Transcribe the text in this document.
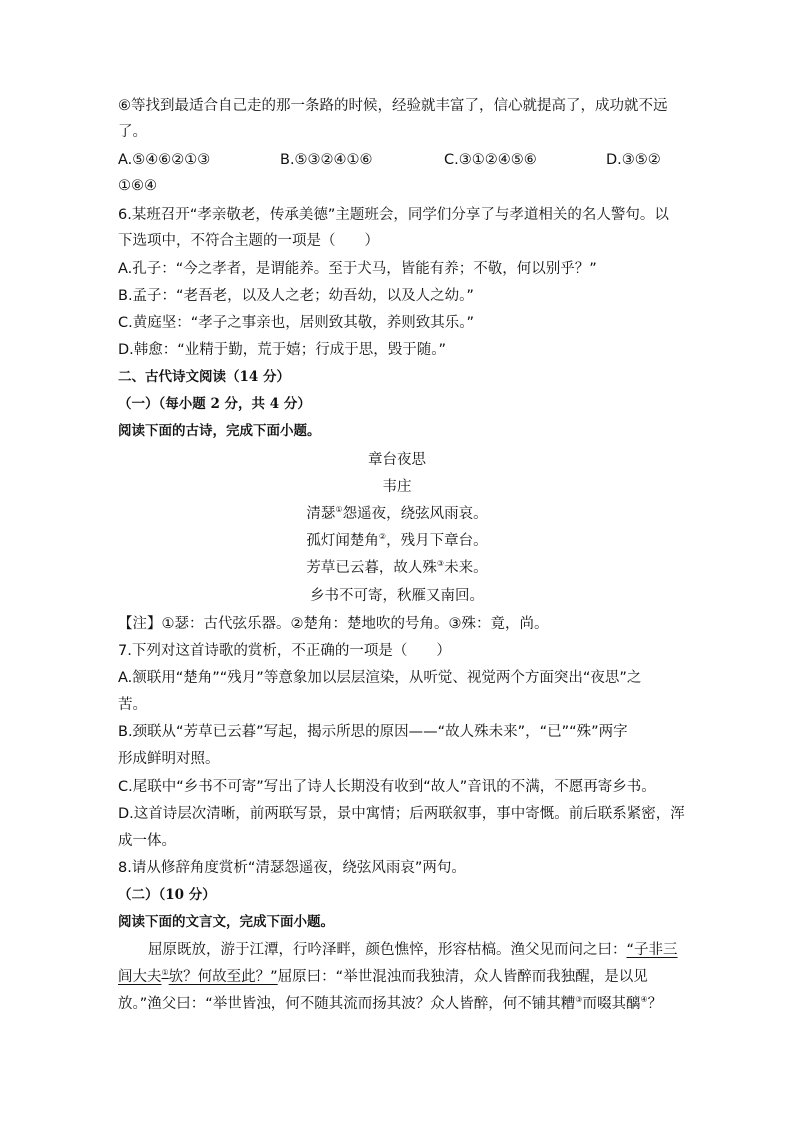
⑥等找到最适合自己走的那一条路的时候，经验就丰富了，信心就提高了，成功就不远
了。
A.⑤④⑥②①③	B.⑤③②④①⑥	C.③①②④⑤⑥	D.③⑤②
①⑥④
6.某班召开“孝亲敬老，传承美德”主题班会，同学们分享了与孝道相关的名人警句。以
下选项中，不符合主题的一项是（　　）
A.孔子：“今之孝者，是谓能养。至于犬马，皆能有养；不敬，何以别乎？”
B.孟子：“老吾老，以及人之老；幼吾幼，以及人之幼。”
C.黄庭坚：“孝子之事亲也，居则致其敬，养则致其乐。”
D.韩愈：“业精于勤，荒于嬉；行成于思，毁于随。”
二、古代诗文阅读（14 分）
（一）（每小题 2 分，共 4 分）
阅读下面的古诗，完成下面小题。
章台夜思
韦庄
清瑟①怨遥夜，绕弦风雨哀。
孤灯闻楚角②，残月下章台。
芳草已云暮，故人殊③未来。
乡书不可寄，秋雁又南回。
【注】①瑟：古代弦乐器。②楚角：楚地吹的号角。③殊：竟，尚。
7.下列对这首诗歌的赏析，不正确的一项是（　　）
A.颔联用“楚角”“残月”等意象加以层层渲染，从听觉、视觉两个方面突出“夜思”之
苦。
B.颈联从“芳草已云暮”写起，揭示所思的原因——“故人殊未来”，“已”“殊”两字
形成鲜明对照。
C.尾联中“乡书不可寄”写出了诗人长期没有收到“故人”音讯的不满，不愿再寄乡书。
D.这首诗层次清晰，前两联写景，景中寓情；后两联叙事，事中寄慨。前后联系紧密，浑
成一体。
8.请从修辞角度赏析“清瑟怨遥夜，绕弦风雨哀”两句。
（二）（10 分）
阅读下面的文言文，完成下面小题。
屈原既放，游于江潭，行吟泽畔，颜色憔悴，形容枯槁。渔父见而问之曰：“子非三
闾大夫①欤？何故至此？”屈原曰：“举世混浊而我独清，众人皆醉而我独醒，是以见
放。”渔父曰：“举世皆浊，何不随其流而扬其波？众人皆醉，何不铺其糟③而啜其醨④？
